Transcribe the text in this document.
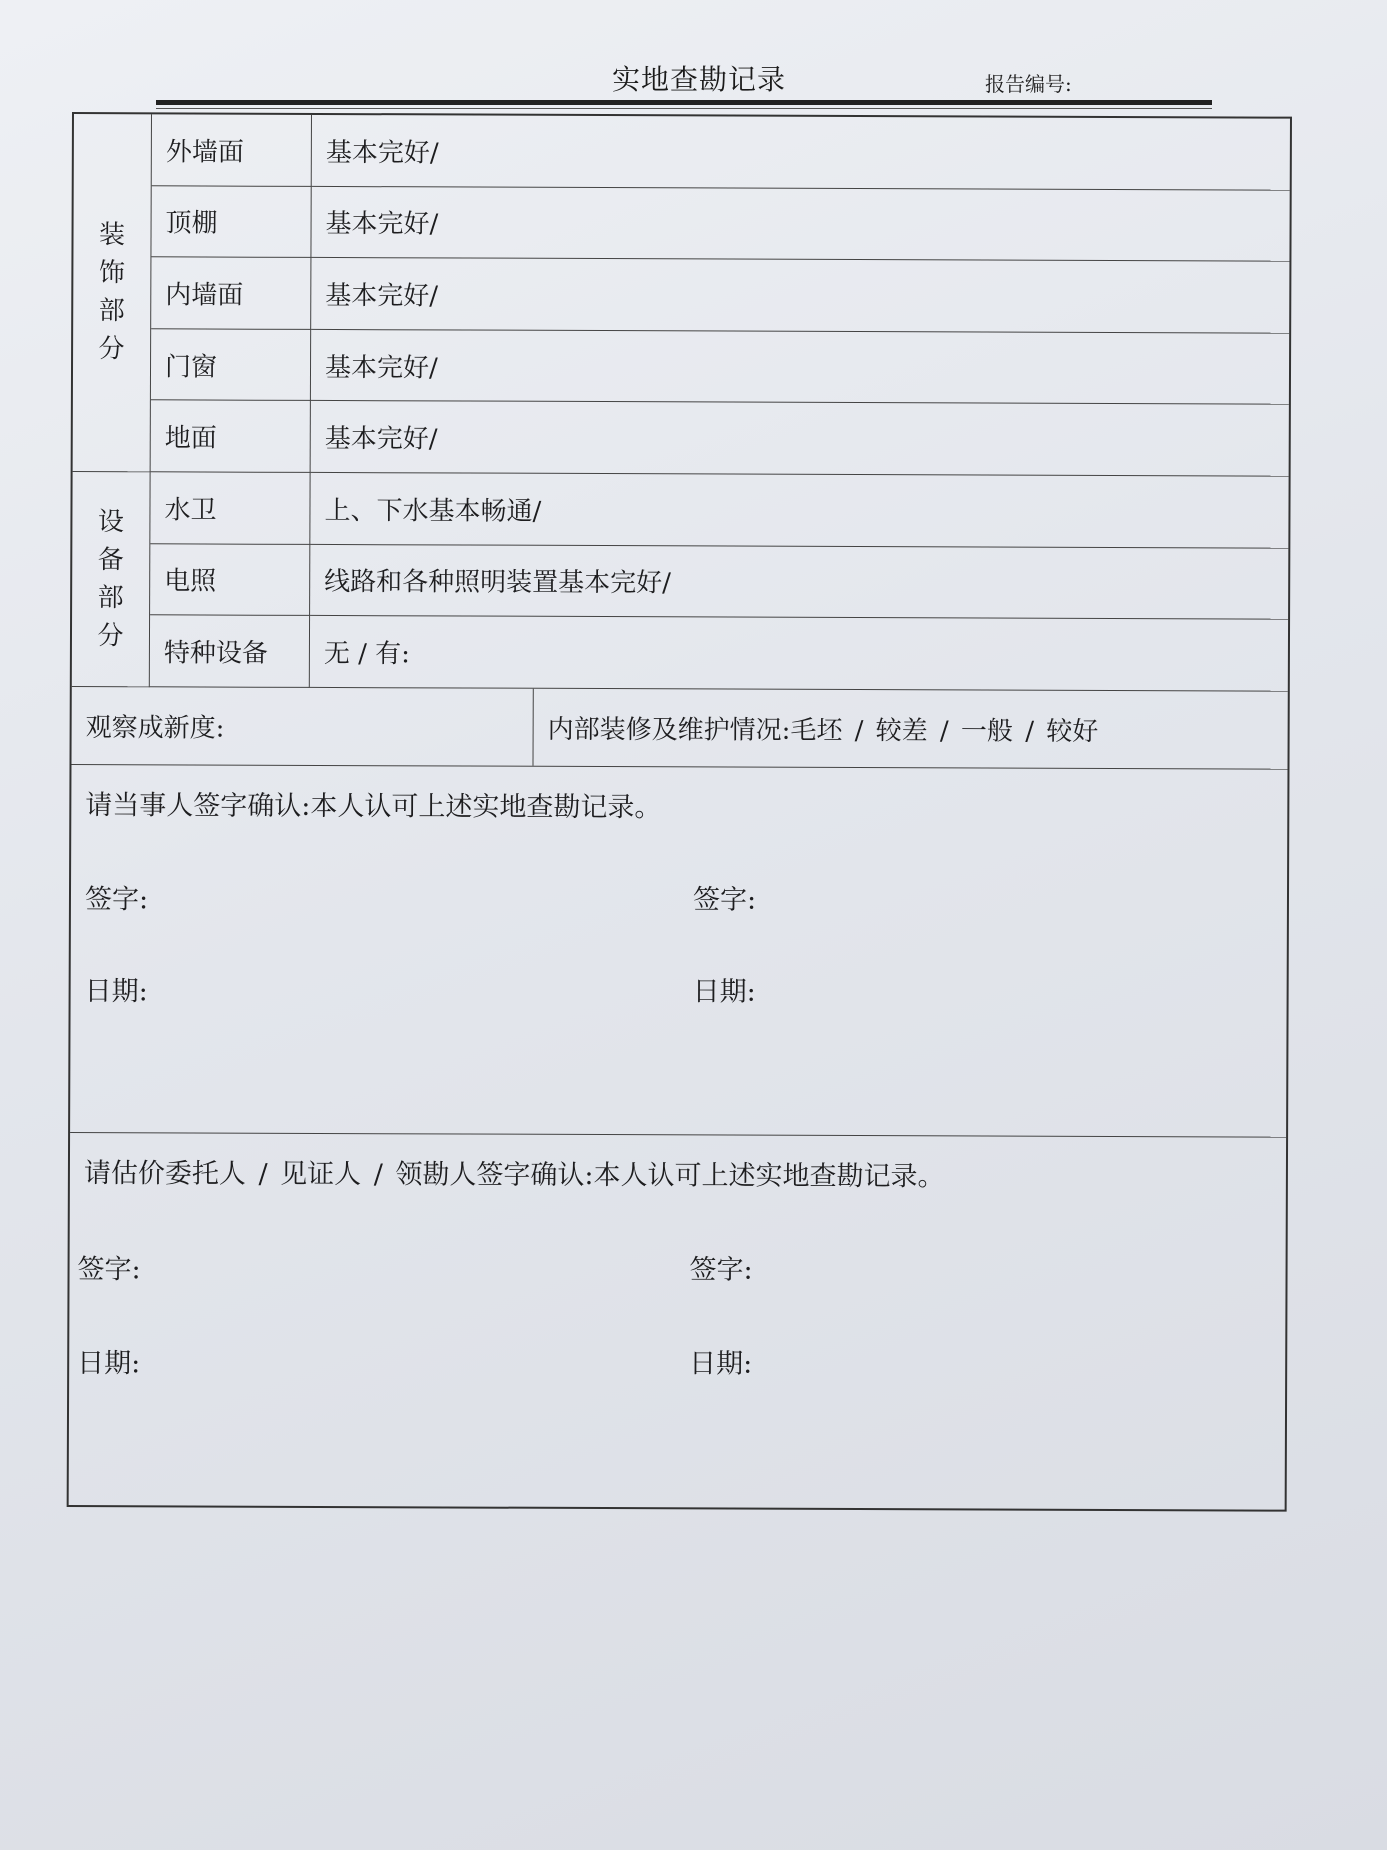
实地查勘记录	报告编号:
装
饰
部
分
外墙面	基本完好/
顶棚	基本完好/
内墙面	基本完好/
门窗	基本完好/
地面	基本完好/
设
备
部
分
水卫	上、下水基本畅通/
电照	线路和各种照明装置基本完好/
特种设备	无 / 有:
观察成新度:	内部装修及维护情况:毛坯 / 较差 / 一般 / 较好
请当事人签字确认:本人认可上述实地查勘记录。
签字:	签字:
日期:	日期:
请估价委托人 / 见证人 / 领勘人签字确认:本人认可上述实地查勘记录。
签字:	签字:
日期:	日期:
